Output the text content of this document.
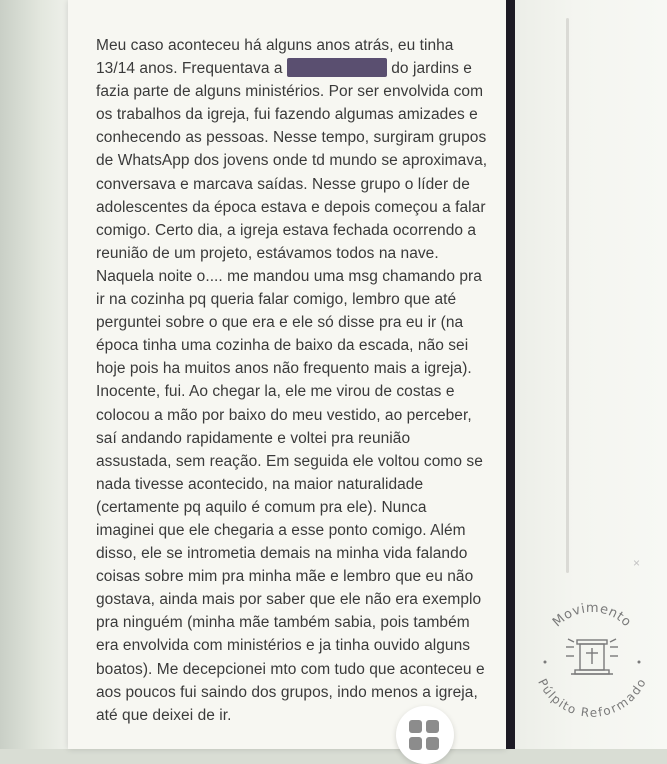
Meu caso aconteceu há alguns anos atrás, eu tinha 13/14 anos. Frequentava a	do jardins e fazia parte de alguns ministérios. Por ser envolvida com os trabalhos da igreja, fui fazendo algumas amizades e conhecendo as pessoas. Nesse tempo, surgiram grupos de WhatsApp dos jovens onde td mundo se aproximava, conversava e marcava saídas. Nesse grupo o líder de adolescentes da época estava e depois começou a falar comigo. Certo dia, a igreja estava fechada ocorrendo a reunião de um projeto, estávamos todos na nave. Naquela noite o.... me mandou uma msg chamando pra ir na cozinha pq queria falar comigo, lembro que até perguntei sobre o que era e ele só disse pra eu ir (na época tinha uma cozinha de baixo da escada, não sei hoje pois ha muitos anos não frequento mais a igreja). Inocente, fui. Ao chegar la, ele me virou de costas e colocou a mão por baixo do meu vestido, ao perceber, saí andando rapidamente e voltei pra reunião assustada, sem reação. Em seguida ele voltou como se nada tivesse acontecido, na maior naturalidade (certamente pq aquilo é comum pra ele). Nunca imaginei que ele chegaria a esse ponto comigo. Além disso, ele se intrometia demais na minha vida falando coisas sobre mim pra minha mãe e lembro que eu não gostava, ainda mais por saber que ele não era exemplo pra ninguém (minha mãe também sabia, pois também era envolvida com ministérios e ja tinha ouvido alguns boatos). Me decepcionei mto com tudo que aconteceu e aos poucos fui saindo dos grupos, indo menos a igreja, até que deixei de ir.

×
Movimento
Púlpito Reformado
